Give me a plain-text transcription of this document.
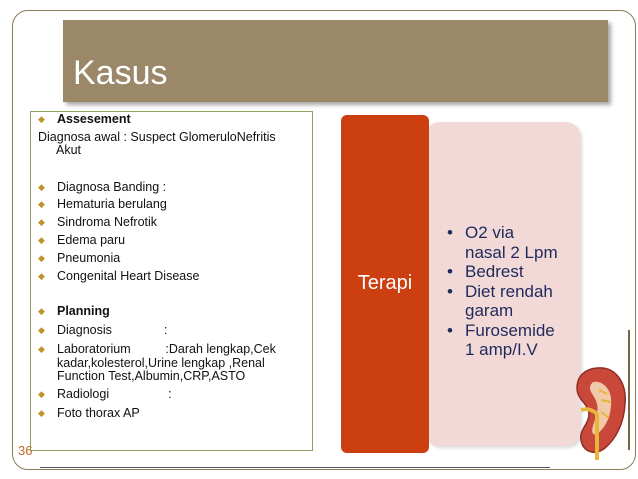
Kasus
◆ Assesement
Diagnosa awal : Suspect GlomeruloNefritis
Akut
◆ Diagnosa Banding :
◆ Hematuria berulang
◆ Sindroma Nefrotik
◆ Edema paru
◆ Pneumonia
◆ Congenital Heart Disease
◆ Planning
◆ Diagnosis               :
◆ Laboratorium          :Darah lengkap,Cek
kadar,kolesterol,Urine lengkap ,Renal
Function Test,Albumin,CRP,ASTO
◆ Radiologi                 :
◆ Foto thorax AP
Terapi
• O2 via
nasal 2 Lpm
• Bedrest
• Diet rendah
garam
• Furosemide
1 amp/I.V
36
